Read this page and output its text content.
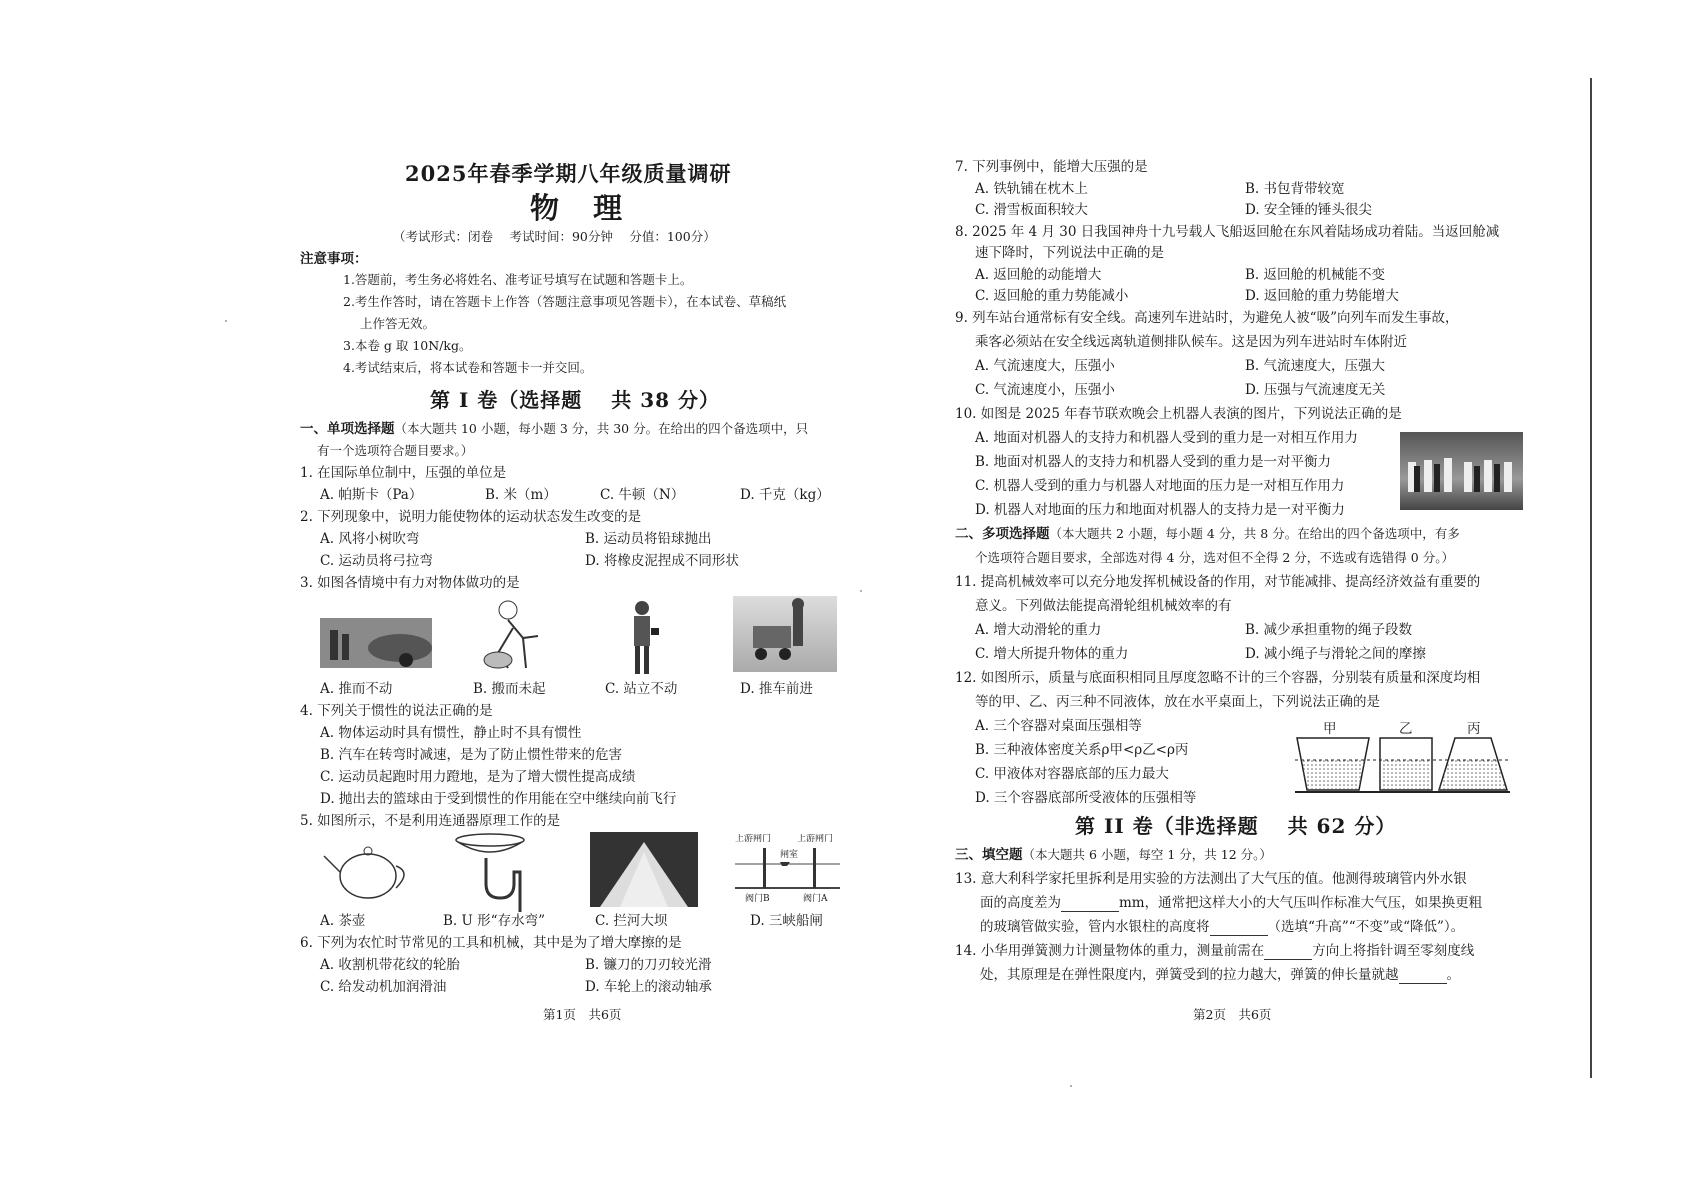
2025年春季学期八年级质量调研
物 理
（考试形式：闭卷　 考试时间：90分钟　 分值：100分）
注意事项：
1.答题前，考生务必将姓名、准考证号填写在试题和答题卡上。
2.考生作答时，请在答题卡上作答（答题注意事项见答题卡），在本试卷、草稿纸
上作答无效。
3.本卷 g 取 10N/kg。
4.考试结束后，将本试卷和答题卡一并交回。
第 I 卷（选择题　 共 38 分）
一、单项选择题（本大题共 10 小题，每小题 3 分，共 30 分。在给出的四个备选项中，只
有一个选项符合题目要求。）
1. 在国际单位制中，压强的单位是
A. 帕斯卡（Pa）	B. 米（m）	C. 牛顿（N）	D. 千克（kg）
2. 下列现象中，说明力能使物体的运动状态发生改变的是
A. 风将小树吹弯	B. 运动员将铅球抛出
C. 运动员将弓拉弯	D. 将橡皮泥捏成不同形状
3. 如图各情境中有力对物体做功的是
A. 推而不动	B. 搬而未起	C. 站立不动	D. 推车前进
4. 下列关于惯性的说法正确的是
A. 物体运动时具有惯性，静止时不具有惯性
B. 汽车在转弯时减速，是为了防止惯性带来的危害
C. 运动员起跑时用力蹬地，是为了增大惯性提高成绩
D. 抛出去的篮球由于受到惯性的作用能在空中继续向前飞行
5. 如图所示，不是利用连通器原理工作的是
上游闸门	上游闸门
闸室
阀门B	阀门A
A. 茶壶	B. U 形“存水弯”	C. 拦河大坝	D. 三峡船闸
6. 下列为农忙时节常见的工具和机械，其中是为了增大摩擦的是
A. 收割机带花纹的轮胎	B. 镰刀的刀刃较光滑
C. 给发动机加润滑油	D. 车轮上的滚动轴承
第1页　共6页
7. 下列事例中，能增大压强的是
A. 铁轨铺在枕木上	B. 书包背带较宽
C. 滑雪板面积较大	D. 安全锤的锤头很尖
8. 2025 年 4 月 30 日我国神舟十九号载人飞船返回舱在东风着陆场成功着陆。当返回舱减
速下降时，下列说法中正确的是
A. 返回舱的动能增大	B. 返回舱的机械能不变
C. 返回舱的重力势能减小	D. 返回舱的重力势能增大
9. 列车站台通常标有安全线。高速列车进站时，为避免人被“吸”向列车而发生事故，
乘客必须站在安全线远离轨道侧排队候车。这是因为列车进站时车体附近
A. 气流速度大，压强小	B. 气流速度大，压强大
C. 气流速度小，压强小	D. 压强与气流速度无关
10. 如图是 2025 年春节联欢晚会上机器人表演的图片，下列说法正确的是
A. 地面对机器人的支持力和机器人受到的重力是一对相互作用力
B. 地面对机器人的支持力和机器人受到的重力是一对平衡力
C. 机器人受到的重力与机器人对地面的压力是一对相互作用力
D. 机器人对地面的压力和地面对机器人的支持力是一对平衡力
二、多项选择题（本大题共 2 小题，每小题 4 分，共 8 分。在给出的四个备选项中，有多
个选项符合题目要求，全部选对得 4 分，选对但不全得 2 分，不选或有选错得 0 分。）
11. 提高机械效率可以充分地发挥机械设备的作用，对节能减排、提高经济效益有重要的
意义。下列做法能提高滑轮组机械效率的有
A. 增大动滑轮的重力	B. 减少承担重物的绳子段数
C. 增大所提升物体的重力	D. 减小绳子与滑轮之间的摩擦
12. 如图所示，质量与底面积相同且厚度忽略不计的三个容器，分别装有质量和深度均相
等的甲、乙、丙三种不同液体，放在水平桌面上，下列说法正确的是
A. 三个容器对桌面压强相等
B. 三种液体密度关系ρ甲<ρ乙<ρ丙
C. 甲液体对容器底部的压力最大
D. 三个容器底部所受液体的压强相等
甲	乙	丙
第 II 卷（非选择题　 共 62 分）
三、填空题（本大题共 6 小题，每空 1 分，共 12 分。）
13. 意大利科学家托里拆利是用实验的方法测出了大气压的值。他测得玻璃管内外水银
面的高度差为	mm，通常把这样大小的大气压叫作标准大气压，如果换更粗
的玻璃管做实验，管内水银柱的高度将	（选填“升高”“不变”或“降低”）。
14. 小华用弹簧测力计测量物体的重力，测量前需在	方向上将指针调至零刻度线
处，其原理是在弹性限度内，弹簧受到的拉力越大，弹簧的伸长量就越	。
第2页　共6页
